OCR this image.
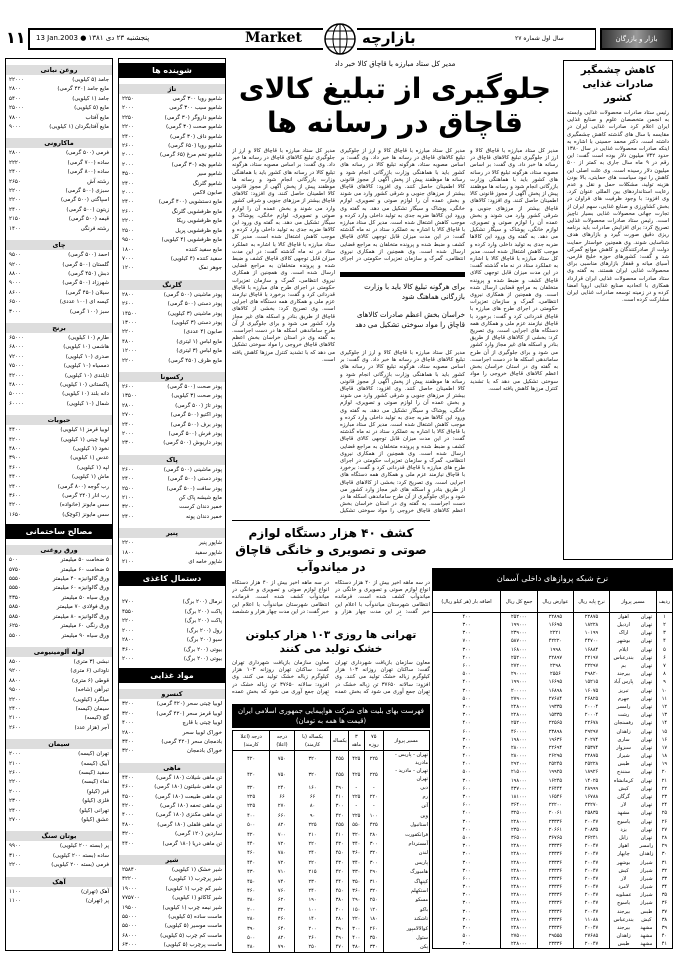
۱۱ 13 Jan.2003 ● پنجشنبه ۲۳ دی ۱۳۸۱	Market	بازارچه	سال اول شماره ۲۷	بازار و بازرگان
روغن نباتی
جامد (۵ کیلویی)
۲۲۰۰۰
مایع جامد (۴۲۰ گرمی)
۲۸۰۰
جامد (۱ کیلویی)
۵۴۰۰
مایع (۵ کیلویی)
۲۵۰۰۰
مایع آفتاب
۷۸۰۰
مایع آفتابگردان (۱ کیلویی)
۹۰۰۰
ماکارونی
فرمی (۵۰۰ گرمی)
۲۸۰۰
ساده (۷۰۰ گرمی)
۲۲۲۰
ساده (۸۰۰ گرمی)
۲۴۰۰
رشته آش
۲۶۵۰
سبزی (۵۰۰ گرمی)
۲۲۰۰
اسپاگتی (۵۰۰ گرمی)
۲۲۰۰
زیتون (۵۰۰ گرمی)
۲۴۰۰
قیمه (۵۰۰ گرمی)
۲۱۵۰
رشته فرنگی
۱۴۰۰
چای
احمد (۵۰۰ گرمی)
۹۵۰۰
گلستان (۵۰۰ گرمی)
۹۲۰۰
دبش (۴۵۰ گرمی)
۸۸۰۰
شهرزاد (۵۰۰ گرمی)
۹۰۰۰
سیلان (۴۵۰ گرمی)
۸۶۰۰
کیسه ای (۱۰۰ عددی)
۶۵۰۰
سبز (۱۰۰ گرمی)
۳۰۰۰
برنج
طارم (۱۰ کیلویی)
۶۵۰۰۰
هاشمی (۱۰ کیلویی)
۶۸۰۰۰
صدری (۱۰ کیلویی)
۷۲۰۰۰
دمسیاه (۱۰ کیلویی)
۷۵۰۰۰
تایلندی (۱۰ کیلویی)
۴۲۰۰۰
پاکستانی (۱۰ کیلویی)
۴۸۰۰۰
دانه بلند (۱۰ کیلویی)
۵۰۰۰۰
شمال (۱۰ کیلویی)
۶۰۰۰۰
حبوبات
لوبیا قرمز (۱ کیلویی)
۴۴۰۰
لوبیا چیتی (۱ کیلویی)
۴۲۰۰
نخود (۱ کیلویی)
۴۸۰۰
عدس (۱ کیلویی)
۳۹۰۰
لپه (۱ کیلویی)
۴۶۰۰
ماش (۱ کیلویی)
۴۴۰۰
رب گوجه (۸۰۰ گرمی)
۲۴۰۰
رب انار (۲۴۰ گرمی)
۳۶۰۰
سس مایونز (خانواده)
۴۲۰۰
سس مایونز (کوچک)
۱۶۵۰
مصالح ساختمانی
ورق روغنی
۵ ضخامت ۵۰ میلیمتر
۵۰۰
۵ ضخامت ۶۰ میلیمتر
۵۷۵۰
ورق گالوانیزه ۴۰ میلیمتر
۵۵۵۰
ورق گالوانیزه ۶۰ میلیمتر
۵۵۵۰
ورق سیاه ۵۰ میلیمتر
۴۳۵۰
ورق فولادی ۷۰ میلیمتر
۵۸۵۰
ورق گالوانیزه ۸۰ میلیمتر
۵۸۵۰
ورق رنگی ۶۰ میلیمتر
۶۲۵۰
ورق سیاه ۹۰ میلیمتر
۵۵۰۰
لوله آلومینیومی
نبشی (۳ متری)
۸۵۰۰
ناودانی (۶ متری)
۹۲۰۰
قوطی (۶ متری)
۸۸۰۰
تیرآهن (شاخه)
۹۵۰۰
میلگرد (کیلویی)
۲۲۰۰
سیمان (کیسه)
۲۴۰۰
گچ (کیسه)
۲۱۰۰
آجر (هزار عدد)
۲۶۰۰
سیمان
تهران (کیسه)
۲۰۰۰
آبیک (کیسه)
۲۱۰۰
سفید (کیسه)
۲۶۰۰
نماء (کیسه)
۲۲۰۰
قیر (کیلو)
۲۰۰۰
فلزی (کیلو)
۲۳۰۰
تهرانی (کیلو)
۲۴۰۰
عشق (کیلو)
۲۷۰۰
بوتان سنگ
پر (بسته ۲۰۰ کیلویی)
۹۹۰۰
ساده (بسته ۲۰۰ کیلویی)
۳۱۰۰
فرمی (بسته ۲۰۰ کیلویی)
۲۲۰۰
آهک
آهک (تهران)
۱۱۰۰
پر (تهران)
۱۱۰۰
شوینده ها
تاژ
شامپو رویا ۳۰۰ گرمی
۲۲۵۰
شامپو سیب ۳۰۰ گرمی
۲۰۰۰
شامپو داروگر (۳۰ گرمی)
۲۲۵۰
شامپو صحت (۳۰ گرمی)
۲۲۰۰
شامپو داف (۳۰ گرمی)
۲۴۰۰
شامپو رویا (۶۵۰ گرمی)
۲۶۰۰
شامپو تخم مرغ (۶۵ گرمی)
۲۰۰۰
شامپو بچه (۳۰ گرمی)
۲۰۰۰
شامپو سیر
۳۵۰۰
شامپو گلرنگ
۲۴۰۰
صابون لاکس
۲۰۰۰
مایع دستشویی (۴۰۰ گرمی)
۲۴۰۰
مایع ظرفشویی گلرنگ
۲۶۰۰
مایع ظرفشویی ریکا
۲۲۰۰
مایع ظرفشویی پریل
۲۵۰۰
مایع ظرفشویی (۴ کیلویی)
۹۵۰۰
مایع سفید کننده
۱۸۰۰
سفید کننده (۴ کیلویی)
۷۰۰۰
جوهر نمک
۱۲۰۰
گلرنگ
پودر ماشینی (۵۰۰ گرمی)
۲۸۰۰
پودر دستی (۵۰۰ گرمی)
۲۶۰۰
پودر ماشینی (۳ کیلویی)
۱۴۵۰۰
پودر دستی (۳ کیلویی)
۱۳۰۰۰
صابون (۴ عددی)
۲۲۰۰
مایع لباس (۱ لیتری)
۴۸۰۰
مایع لباس (۳ لیتری)
۱۲۰۰۰
مایع ظرف (۴۵۰ گرمی)
۲۲۰۰
رکسونا
پودر صحت (۵۰۰ گرمی)
۲۶۰۰
پودر صحت (۳ کیلویی)
۱۳۵۰۰
پودر تاژ (۵۰۰ گرمی)
۲۸۰۰
پودر اکتیو (۵۰۰ گرمی)
۲۷۰۰
پودر برف (۵۰۰ گرمی)
۲۴۰۰
پودر فرش (۵۰۰ گرمی)
۲۰۰۰
پودر داریوش (۵۰۰ گرمی)
۲۳۰۰
پاک
پودر ماشینی (۵۰۰ گرمی)
۲۶۰۰
پودر دستی (۵۰۰ گرمی)
۲۴۰۰
پودر سافت (۵۰۰ گرمی)
۲۵۰۰
مایع شیشه پاک کن
۲۱۰۰
خمیر دندان کرست
۳۲۰۰
خمیر دندان پونه
۲۴۰۰
پنیر
شاپور پنیر
۲۲۰۰
شاپور سفید
۱۸۰۰
شاپور خامه ای
۲۱۰۰
دستمال کاغذی
نرمال (۲۰۰ برگ)
۲۷۰۰
پاکت (۲۰۰ برگ)
۴۵۵۰
پاکت (۲۰۰ برگ)
۲۲۰۰
رول (۲۰۰ برگ)
۲۰۰۰
سیو (۲۰۰ برگ)
۲۸۰۰
بیوتی (۲۰۰ برگ)
۳۶۰۰
بیوتی (۲۰۰ برگ)
۲۰۰۰
مواد غذایی
کنسرو
لوبیا چیتی سحر (۴۲۰ گرمی)
۳۲۰۰
لوبیا قرمز سحر (۴۲۰ گرمی)
۳۲۰۰
لوبیا چیتی با قارچ
۴۰۰۰
خوراک لوبیا سحر
۲۸۰۰
بادمجان سحر (۴۲۰ گرمی)
۳۴۰۰
خوراک بادمجان
۳۲۰۰
ماهی
تن ماهی شیلات (۱۸۰ گرمی)
۴۴۰۰
تن ماهی شیلتون (۱۸۰ گرمی)
۴۶۰۰
تن ماهی طبیعت (۱۸۰ گرمی)
۴۵۰۰
تن ماهی تحفه (۱۸۰ گرمی)
۴۲۰۰
تن ماهی مکنزی (۱۸۰ گرمی)
۴۰۰۰
تن ماهی فلفلی (۱۸۰ گرمی)
۴۸۰۰
ساردین (۱۲۰ گرمی)
۳۲۰۰
تن ماهی دریا (۱۸۰ گرمی)
۴۴۰۰
شیر
شیر خشک (۱ کیلویی)
۲۵۸۴۰
شیر پرچرب (۱ کیلویی)
۳۲۲۰۰
شیر کم چرب (۱ کیلویی)
۱۹۰۰۰
شیر کاکائو (۱ کیلویی)
۷۷۵۷۰۰
شیر نیمه چرب (۱ کیلویی)
۱۹۵۰۰
ماست ساده (۵ کیلویی)
۵۵۰۰۰
ماست موسیر (۵ کیلویی)
۵۵۰۰۰
ماست کم چرب (۵ کیلویی)
۶۸۰۰۰
ماست پرچرب (۵ کیلویی)
۶۳۰۰۰
مدیر کل ستاد مبارزه با قاچاق کالا خبر داد
جلوگیری از تبلیغ کالای قاچاق در رسانه ها
مدیر کل ستاد مبارزه با قاچاق کالا و ارز از جلوگیری تبلیغ کالاهای قاچاق در رسانه ها خبر داد. وی گفت: بر اساس مصوبه ستاد، هرگونه تبلیغ کالا در رسانه های کشور باید با هماهنگی وزارت بازرگانی انجام شود و رسانه ها موظفند پیش از پخش آگهی از مجوز قانونی کالا اطمینان حاصل کنند. وی افزود: کالاهای قاچاق بیشتر از مرزهای جنوبی و شرقی کشور وارد می شوند و بخش عمده آن را لوازم صوتی و تصویری، لوازم خانگی، پوشاک و سیگار تشکیل می دهد. به گفته وی ورود این کالاها ضربه جدی به تولید داخلی وارد کرده و موجب کاهش اشتغال شده است. مدیر کل ستاد مبارزه با قاچاق کالا با اشاره به عملکرد ستاد در نه ماه گذشته گفت: در این مدت میزان قابل توجهی کالای قاچاق کشف و ضبط شده و پرونده متخلفان به مراجع قضایی ارسال شده است. وی همچنین از همکاری نیروی انتظامی، گمرک و سازمان تعزیرات حکومتی در اجرای طرح های مبارزه با قاچاق قدردانی کرد و گفت: برخورد با قاچاق نیازمند عزم ملی و همکاری همه دستگاه های اجرایی است. وی تصریح کرد: بخشی از کالاهای قاچاق از طریق بنادر و اسکله های غیر مجاز وارد کشور می شود و برای جلوگیری از آن طرح ساماندهی اسکله ها در دست اجراست. به گفته وی در استان خراسان بخش اعظم کالاهای قاچاق خروجی را مواد سوختی تشکیل می دهد که با تشدید کنترل مرزها کاهش یافته است.
مدیر کل ستاد مبارزه با قاچاق کالا و ارز از جلوگیری تبلیغ کالاهای قاچاق در رسانه ها خبر داد. وی گفت: بر اساس مصوبه ستاد، هرگونه تبلیغ کالا در رسانه های کشور باید با هماهنگی وزارت بازرگانی انجام شود و رسانه ها موظفند پیش از پخش آگهی از مجوز قانونی کالا اطمینان حاصل کنند. وی افزود: کالاهای قاچاق بیشتر از مرزهای جنوبی و شرقی کشور وارد می شوند و بخش عمده آن را لوازم صوتی و تصویری، لوازم خانگی، پوشاک و سیگار تشکیل می دهد. به گفته وی ورود این کالاها ضربه جدی به تولید داخلی وارد کرده و موجب کاهش اشتغال شده است. مدیر کل ستاد مبارزه با قاچاق کالا با اشاره به عملکرد ستاد در نه ماه گذشته گفت: در این مدت میزان قابل توجهی کالای قاچاق کشف و ضبط شده و پرونده متخلفان به مراجع قضایی ارسال شده است. وی همچنین از همکاری نیروی انتظامی، گمرک و سازمان تعزیرات حکومتی در اجرای
برای هرگونه تبلیغ کالا باید با وزارت بازرگانی هماهنگ شود
خراسان بخش اعظم صادرات کالاهای قاچاق را مواد سوختی تشکیل می دهد
مدیر کل ستاد مبارزه با قاچاق کالا و ارز از جلوگیری تبلیغ کالاهای قاچاق در رسانه ها خبر داد. وی گفت: بر اساس مصوبه ستاد، هرگونه تبلیغ کالا در رسانه های کشور باید با هماهنگی وزارت بازرگانی انجام شود و رسانه ها موظفند پیش از پخش آگهی از مجوز قانونی کالا اطمینان حاصل کنند. وی افزود: کالاهای قاچاق بیشتر از مرزهای جنوبی و شرقی کشور وارد می شوند و بخش عمده آن را لوازم صوتی و تصویری، لوازم خانگی، پوشاک و سیگار تشکیل می دهد. به گفته وی ورود این کالاها ضربه جدی به تولید داخلی وارد کرده و موجب کاهش اشتغال شده است. مدیر کل ستاد مبارزه با قاچاق کالا با اشاره به عملکرد ستاد در نه ماه گذشته گفت: در این مدت میزان قابل توجهی کالای قاچاق کشف و ضبط شده و پرونده متخلفان به مراجع قضایی ارسال شده است. وی همچنین از همکاری نیروی انتظامی، گمرک و سازمان تعزیرات حکومتی در اجرای طرح های مبارزه با قاچاق قدردانی کرد و گفت: برخورد با قاچاق نیازمند عزم ملی و همکاری همه دستگاه های اجرایی است. وی تصریح کرد: بخشی از کالاهای قاچاق از طریق بنادر و اسکله های غیر مجاز وارد کشور می شود و برای جلوگیری از آن طرح ساماندهی اسکله ها در دست اجراست. به گفته وی در استان خراسان بخش اعظم کالاهای قاچاق خروجی را مواد سوختی تشکیل
مدیر کل ستاد مبارزه با قاچاق کالا و ارز از جلوگیری تبلیغ کالاهای قاچاق در رسانه ها خبر داد. وی گفت: بر اساس مصوبه ستاد، هرگونه تبلیغ کالا در رسانه های کشور باید با هماهنگی وزارت بازرگانی انجام شود و رسانه ها موظفند پیش از پخش آگهی از مجوز قانونی کالا اطمینان حاصل کنند. وی افزود: کالاهای قاچاق بیشتر از مرزهای جنوبی و شرقی کشور وارد می شوند و بخش عمده آن را لوازم صوتی و تصویری، لوازم خانگی، پوشاک و سیگار تشکیل می دهد. به گفته وی ورود این کالاها ضربه جدی به تولید داخلی وارد کرده و موجب کاهش اشتغال شده است. مدیر کل ستاد مبارزه با قاچاق کالا با اشاره به عملکرد ستاد در نه ماه گذشته گفت: در این مدت میزان قابل توجهی کالای قاچاق کشف و ضبط شده و پرونده متخلفان به مراجع قضایی ارسال شده است. وی همچنین از همکاری نیروی انتظامی، گمرک و سازمان تعزیرات حکومتی در اجرای طرح های مبارزه با قاچاق قدردانی کرد و گفت: برخورد با قاچاق نیازمند عزم ملی و همکاری همه دستگاه های اجرایی است. وی تصریح کرد: بخشی از کالاهای قاچاق از طریق بنادر و اسکله های غیر مجاز وارد کشور می شود و برای جلوگیری از آن طرح ساماندهی اسکله ها در دست اجراست. به گفته وی در استان خراسان بخش اعظم کالاهای قاچاق خروجی را مواد سوختی تشکیل می دهد که با تشدید کنترل مرزها کاهش یافته است.
کاهش چشمگیر صادرات غذایی کشور
رئیس ستاد صادرات محصولات غذایی وابسته به انجمن متخصصان علوم و صنایع غذایی ایران اعلام کرد صادرات غذایی ایران در مقایسه با سال های گذشته کاهش چشمگیری داشته است. دکتر محمد حسینی با اشاره به اینکه صادرات محصولات غذایی در سال ۱۳۸۰ حدود ۷۳۲ میلیون دلار بوده است گفت: این رقم در ۹ ماه سال جاری به کمتر از ۵۰۰ میلیون دلار رسیده است. وی علت اصلی این کاهش را نبود سیاست های حمایتی، بالا بودن هزینه تولید، مشکلات حمل و نقل و عدم رعایت استانداردهای بین المللی عنوان کرد. وی افزود: با وجود ظرفیت های فراوان در بخش کشاورزی و صنایع غذایی، سهم ایران از تجارت جهانی محصولات غذایی بسیار ناچیز است. رئیس ستاد صادرات محصولات غذایی تصریح کرد: برای افزایش صادرات باید برنامه ریزی دقیق صورت گیرد و بازارهای هدف شناسایی شوند. وی همچنین خواستار حمایت دولت از صادرکنندگان و کاهش موانع گمرکی شد و گفت: کشورهای حوزه خلیج فارس، آسیای میانه و قفقاز بازارهای مناسبی برای محصولات غذایی ایران هستند. به گفته وی ستاد صادرات محصولات غذایی ایران قرارداد همکاری با اتحادیه صنایع غذایی اروپا امضا کرده و در زمینه توسعه صادرات غذایی ایران مشارکت کرده است.
کشف ۴۰ هزار دستگاه لوازم صوتی و تصویری و خانگی قاچاق در میاندوآب
در سه ماهه اخیر بیش از ۴۰ هزار دستگاه انواع لوازم صوتی و تصویری و خانگی در میاندوآب کشف شده است. فرمانده انتظامی شهرستان میاندوآب با اعلام این خبر گفت: در این مدت چهار هزار و
در سه ماهه اخیر بیش از ۴۰ هزار دستگاه انواع لوازم صوتی و تصویری و خانگی در میاندوآب کشف شده است. فرمانده انتظامی شهرستان میاندوآب با اعلام این خبر گفت: در این مدت چهار هزار و ششصد
تهرانی ها روزی ۱۰۳ هزار کیلوتن خشک تولید می کنند
معاون سازمان بازیافت شهرداری تهران گفت: ساکنان تهران روزانه ۱۰۳ هزار کیلوگرم زباله خشک تولید می کنند. وی افزود: سالانه ۳۷۶۵۰ تن زباله خشک در تهران جمع آوری می شود که بخش عمده
معاون سازمان بازیافت شهرداری تهران گفت: ساکنان تهران روزانه ۱۰۳ هزار کیلوگرم زباله خشک تولید می کنند. وی افزود: سالانه ۳۷۶۵۰ تن زباله خشک در تهران جمع آوری می شود که بخش عمده
فهرست بهای بلیت های شرکت هواپیمایی جمهوری اسلامی ایران
(قیمت ها همه به تومان)
مسیر پرواز	۷۵ روزه	۳ ماهه	یکساله	یکساله (با کارمند)	درجه (اعلا)	درجه (اعلا کارمند)
تهران - پاریس - مادرید	۲۲۵	۴۲۵	۴۵۵	۳۲۰	۷۵۰	۴۲۰
تهران - مادرید - تهران	۲۲۵	۴۲۵	۴۵۵	۳۲۰	۷۵۰	۴۲۰
دبی	-	-	۲۹۰	۱۶۰	۲۴۰	۳۲۰
رم	۲۲۰	۲۲۵	۴۱۰	۶۶	۶۶	۲۲۵
آتن	-	-	۳۰۰	۸۰	۲۷۰	۲۲۵
وین	۱۰۰	۲۲۵	۴۲۰	۹۰	۶۶۰	۴۰۰
استانبول	۴۲۵	۵۵۰	۴۵۵	۲۲۵	۸۲۰	۵۰۰
فرانکفورت	۲۸۰	۳۲۰	۴۱۰	۲۱۰	۷۰۰	۴۲۰
آمستردام	۳۰۰	۳۴۰	۴۳۰	۲۲۰	۷۲۰	۴۴۰
لندن	۳۲۰	۳۶۰	۴۵۰	۲۴۰	۷۸۰	۴۶۰
پاریس	۳۰۰	۳۴۰	۴۳۰	۲۲۰	۷۲۰	۴۴۰
هامبورگ	۲۹۰	۳۳۰	۴۲۰	۲۱۵	۷۱۰	۴۳۰
کپنهاگ	۳۱۰	۳۵۰	۴۴۰	۲۳۰	۷۴۰	۴۵۰
استکهلم	۳۲۰	۳۶۰	۴۵۰	۲۴۰	۷۶۰	۴۶۰
مسکو	۲۵۰	۲۹۰	۳۸۰	۱۹۰	۶۲۰	۳۸۰
باکو	۱۲۰	۱۵۰	۲۰۰	۱۰۰	۳۲۰	۲۰۰
تاشکند	۱۸۰	۲۲۰	۲۸۰	۱۴۰	۴۶۰	۲۸۰
کوالالامپور	۲۶۰	۳۰۰	۳۹۰	۲۰۰	۶۴۰	۳۹۰
سئول	۳۵۰	۴۰۰	۴۹۰	۲۶۰	۸۲۰	۵۰۰
پکن	۳۳۰	۳۸۰	۴۷۰	۲۵۰	۷۹۰	۴۸۰
نرخ شبکه پروازهای داخلی آسمان
ردیف	مسیر پرواز		نرخ پایه ریال	عوارض ریال	جمع کل ریال	اضافه بار (هر کیلو ریال)
۱	تهران	اهواز	۲۲۸۷۵	۲۲۸۹۵	۲۵۲۰۰۰	۴۰۰
۲	تهران	اردبیل	۱۸۲۲۸	۱۶۶۹۵	۱۹۹۰۰۰	۳۰۰
۳	تهران	اراک	۱۰۱۹۹	۲۲۲۱	۲۳۹۰۰۰	۳۰۰
۴	تهران	بوشهر	۴۴۷۰۰	۴۲۲۲۰	۵۸۷۰۰۰	۷۰۰
۵	تهران	ایلام	۱۶۸۸۴	۱۹۹۸	۱۶۸۰۰۰	۳۰۰
۶	تهران	بندرعباس	۲۲۱۹۷	۲۲۸۹۷	۲۵۲۰۰۰	۴۰۰
۷	تهران	بم	۲۲۲۹۷	۲۲۹۸	۲۷۲۰۰۰	۶۰۰
۸	تهران	بیرجند	۲۹۸۲۰	۲۵۵۶	۲۹۰۰۰۰	۵۰۰
۹	تهران	پارس آباد	۱۵۲۱۵	۱۶۶۹۵	۱۹۹۰۰۰	۴۰۰
۱۰	تهران	تبریز	۱۶۰۷۵	۱۶۸۹۸	۲۰۰۰۰۰	۳۰۰
۱۱	تهران	جهرم	۲۶۸۲۵	۲۷۶۸۴	۲۷۹۰۰۰	۵۰۰
۱۲	تهران	رامسر	۲۰۰۰۴	۱۹۳۳۵	۲۲۸۰۰۰	۳۰۰
۱۳	تهران	رشت	۲۰۰۰۴	۱۵۳۳۵	۲۲۸۰۰۰	۳۰۰
۱۴	تهران	رفسنجان	۲۲۶۷۸	۲۲۵۶۵	۲۵۲۰۰۰	۴۰۰
۱۵	تهران	زاهدان	۲۹۲۹۷	۲۳۸۹۸	۴۶۰۰۰۰	۶۰۰
۱۶	تهران	ساری	۲۰۲۷۴	۱۹۶۳۶	۱۹۸۰۰۰	۳۰۰
۱۷	تهران	سبزوار	۲۵۳۷۴	۲۲۶۹۴	۲۸۰۰۰۰	۳۰۰
۱۸	تهران	شیراز	۲۲۸۷۵	۲۶۲۹۵	۲۸۰۰۰۰	۴۰۰
۱۹	تهران	طبس	۲۵۲۲۸	۲۵۲۴۵	۲۹۲۰۰۰	۴۰۰
۲۰	تهران	سنندج	۱۸۹۲۶	۱۹۹۲۵	۲۱۵۰۰۰	۵۰۰
۲۱	تهران	کرمانشاه	۱۴۰۲۵	۱۶۲۴۵	۱۹۸۰۰۰	۳۰۰
۲۲	تهران	کیش	۲۸۹۹۹	۲۶۴۴۴	۴۳۷۰۰۰	۶۰۰
۲۳	تهران	گرگان	۱۶۷۸۸	۱۶۵۴۶	۱۸۱۰۰۰	۳۰۰
۲۴	تهران	لار	۳۲۲۷۰	۲۲۲۰۰	۳۶۴۰۰۰	۶۰۰
۲۵	تهران	مشهد	۲۵۸۳۵	۲۰۰۶۱	۳۲۵۰۰۰	۴۰۰
۲۶	تهران	یاسوج	۲۰۰۴۷	۲۳۳۳۶	۲۲۸۰۰۰	۳۰۰
۲۷	تهران	یزد	۲۰۸۳۵	۲۰۶۶۱	۲۳۵۰۰۰	۴۰۰
۲۸	تهران	زابل	۳۶۲۴۱	۳۶۷۶۵	۳۶۵۰۰۰	۵۰۰
۲۹	رامسر	اهواز	۲۰۰۴۷	۲۳۳۳۶	۲۲۸۰۰۰	۳۰۰
۳۰	زاهدان	چابهار	۲۰۰۴۷	۲۳۳۳۶	۲۲۸۰۰۰	۳۰۰
۳۱	شیراز	بوشهر	۲۰۰۴۷	۲۳۳۳۶	۲۲۸۰۰۰	۳۰۰
۳۲	شیراز	کیش	۲۰۰۴۷	۲۳۳۳۶	۲۲۸۰۰۰	۳۰۰
۳۳	شیراز	لار	۲۰۰۴۷	۲۳۳۳۶	۲۲۸۰۰۰	۶۰۰
۳۴	شیراز	لامرد	۲۰۰۴۷	۲۳۳۳۶	۲۲۸۰۰۰	۳۰۰
۳۵	شیراز	عسلویه	۲۰۰۴۷	۲۳۳۳۶	۲۲۸۰۰۰	۳۰۰
۳۶	شیراز	یاسوج	۲۰۰۴۷	۲۳۳۳۶	۲۲۸۰۰۰	۳۰۰
۳۷	طبس	بیرجند	۲۰۰۴۷	۲۳۳۳۶	۲۲۸۰۰۰	۳۰۰
۳۸	کیش	بندرعباس	۱۱۰۸۸	۲۳۳۳۶	۲۲۸۰۰۰	۳۰۰
۳۹	مشهد	بیرجند	۲۰۰۴۷	۲۳۳۳۶	۲۲۸۰۰۰	۳۰۰
۴۰	مشهد	زاهدان	۲۷۶۸۵	۲۹۵۵۵	۲۷۵۰۰۰	۵۰۰
۴۱	مشهد	طبس	۲۰۰۴۷	۲۳۳۳۶	۲۲۸۰۰۰	۳۰۰
